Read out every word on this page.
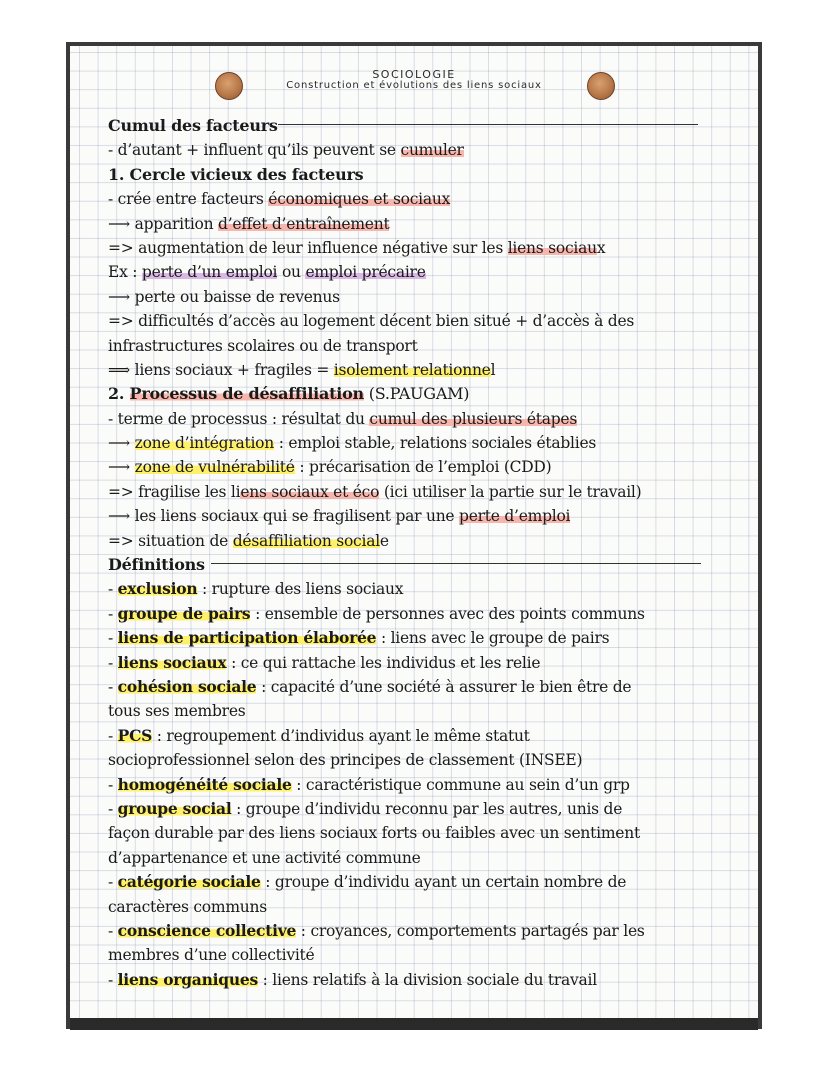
SOCIOLOGIE
Construction et évolutions des liens sociaux
Cumul des facteurs
- d’autant + influent qu’ils peuvent se cumuler
1. Cercle vicieux des facteurs
- crée entre facteurs économiques et sociaux
⟶ apparition d’effet d’entraînement
=> augmentation de leur influence négative sur les liens sociaux
Ex : perte d’un emploi ou emploi précaire
⟶ perte ou baisse de revenus
=> difficultés d’accès au logement décent bien situé + d’accès à des
infrastructures scolaires ou de transport
⟹ liens sociaux + fragiles = isolement relationnel
2. Processus de désaffiliation (S.PAUGAM)
- terme de processus : résultat du cumul des plusieurs étapes
⟶ zone d’intégration : emploi stable, relations sociales établies
⟶ zone de vulnérabilité : précarisation de l’emploi (CDD)
=> fragilise les liens sociaux et éco (ici utiliser la partie sur le travail)
⟶ les liens sociaux qui se fragilisent par une perte d’emploi
=> situation de désaffiliation sociale
Définitions
- exclusion : rupture des liens sociaux
- groupe de pairs : ensemble de personnes avec des points communs
- liens de participation élaborée : liens avec le groupe de pairs
- liens sociaux : ce qui rattache les individus et les relie
- cohésion sociale : capacité d’une société à assurer le bien être de
tous ses membres
- PCS : regroupement d’individus ayant le même statut
socioprofessionnel selon des principes de classement (INSEE)
- homogénéité sociale : caractéristique commune au sein d’un grp
- groupe social : groupe d’individu reconnu par les autres, unis de
façon durable par des liens sociaux forts ou faibles avec un sentiment
d’appartenance et une activité commune
- catégorie sociale : groupe d’individu ayant un certain nombre de
caractères communs
- conscience collective : croyances, comportements partagés par les
membres d’une collectivité
- liens organiques : liens relatifs à la division sociale du travail
